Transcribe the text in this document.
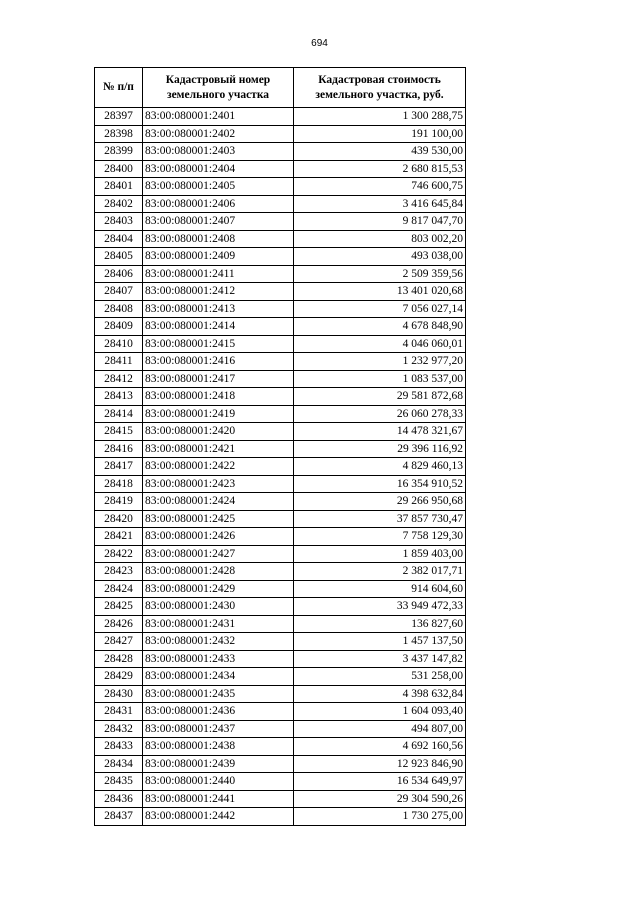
694
№ п/п	Кадастровый номер земельного участка	Кадастровая стоимость земельного участка, руб.
28397	83:00:080001:2401	1 300 288,75
28398	83:00:080001:2402	191 100,00
28399	83:00:080001:2403	439 530,00
28400	83:00:080001:2404	2 680 815,53
28401	83:00:080001:2405	746 600,75
28402	83:00:080001:2406	3 416 645,84
28403	83:00:080001:2407	9 817 047,70
28404	83:00:080001:2408	803 002,20
28405	83:00:080001:2409	493 038,00
28406	83:00:080001:2411	2 509 359,56
28407	83:00:080001:2412	13 401 020,68
28408	83:00:080001:2413	7 056 027,14
28409	83:00:080001:2414	4 678 848,90
28410	83:00:080001:2415	4 046 060,01
28411	83:00:080001:2416	1 232 977,20
28412	83:00:080001:2417	1 083 537,00
28413	83:00:080001:2418	29 581 872,68
28414	83:00:080001:2419	26 060 278,33
28415	83:00:080001:2420	14 478 321,67
28416	83:00:080001:2421	29 396 116,92
28417	83:00:080001:2422	4 829 460,13
28418	83:00:080001:2423	16 354 910,52
28419	83:00:080001:2424	29 266 950,68
28420	83:00:080001:2425	37 857 730,47
28421	83:00:080001:2426	7 758 129,30
28422	83:00:080001:2427	1 859 403,00
28423	83:00:080001:2428	2 382 017,71
28424	83:00:080001:2429	914 604,60
28425	83:00:080001:2430	33 949 472,33
28426	83:00:080001:2431	136 827,60
28427	83:00:080001:2432	1 457 137,50
28428	83:00:080001:2433	3 437 147,82
28429	83:00:080001:2434	531 258,00
28430	83:00:080001:2435	4 398 632,84
28431	83:00:080001:2436	1 604 093,40
28432	83:00:080001:2437	494 807,00
28433	83:00:080001:2438	4 692 160,56
28434	83:00:080001:2439	12 923 846,90
28435	83:00:080001:2440	16 534 649,97
28436	83:00:080001:2441	29 304 590,26
28437	83:00:080001:2442	1 730 275,00
